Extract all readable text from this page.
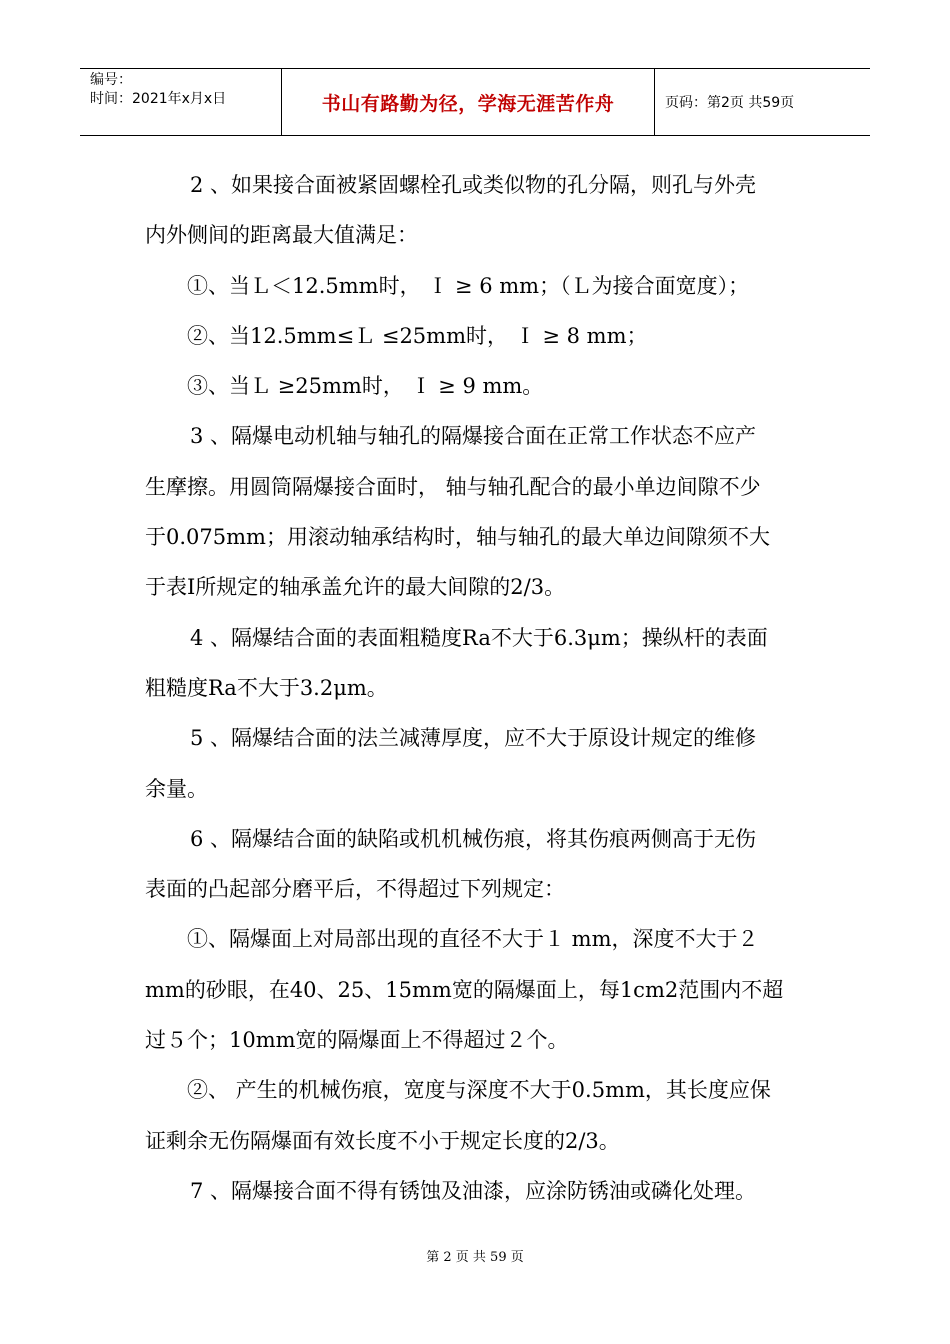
编号：
时间：2021年x月x日	书山有路勤为径，学海无涯苦作舟	页码：第2页 共59页

2 、如果接合面被紧固螺栓孔或类似物的孔分隔，则孔与外壳

内外侧间的距离最大值满足：

①、当Ｌ＜12.5mm时， Ｉ ≥ 6 mm；（Ｌ为接合面宽度）；

②、当12.5mm≤Ｌ ≤25mm时， Ｉ ≥ 8 mm；

③、当Ｌ ≥25mm时， Ｉ ≥ 9 mm。

3 、隔爆电动机轴与轴孔的隔爆接合面在正常工作状态不应产

生摩擦。用圆筒隔爆接合面时， 轴与轴孔配合的最小单边间隙不少

于0.075mm；用滚动轴承结构时，轴与轴孔的最大单边间隙须不大

于表Ⅰ所规定的轴承盖允许的最大间隙的2/3。

4 、隔爆结合面的表面粗糙度Ra不大于6.3μm；操纵杆的表面

粗糙度Ra不大于3.2μm。

5 、隔爆结合面的法兰减薄厚度，应不大于原设计规定的维修

余量。

6 、隔爆结合面的缺陷或机机械伤痕，将其伤痕两侧高于无伤

表面的凸起部分磨平后，不得超过下列规定：

①、隔爆面上对局部出现的直径不大于１ mm，深度不大于２

mm的砂眼，在40、25、15mm宽的隔爆面上，每1cm2范围内不超

过５个；10mm宽的隔爆面上不得超过２个。

②、 产生的机械伤痕，宽度与深度不大于0.5mm，其长度应保

证剩余无伤隔爆面有效长度不小于规定长度的2/3。

7 、隔爆接合面不得有锈蚀及油漆，应涂防锈油或磷化处理。

第 2 页 共 59 页
